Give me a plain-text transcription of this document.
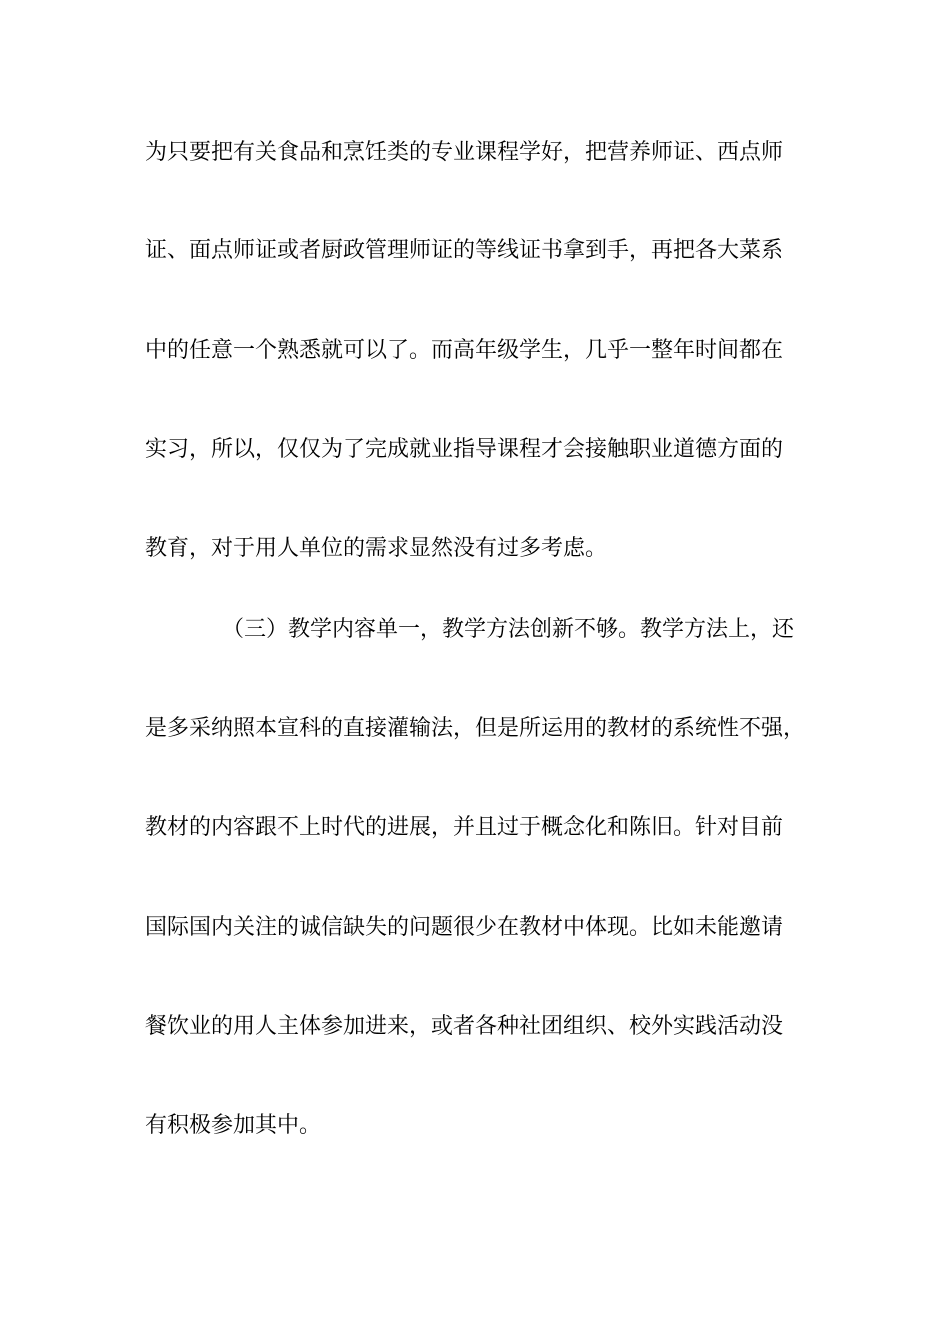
为只要把有关食品和烹饪类的专业课程学好，把营养师证、西点师
证、面点师证或者厨政管理师证的等线证书拿到手，再把各大菜系
中的任意一个熟悉就可以了。而高年级学生，几乎一整年时间都在
实习，所以，仅仅为了完成就业指导课程才会接触职业道德方面的
教育，对于用人单位的需求显然没有过多考虑。
（三）教学内容单一，教学方法创新不够。教学方法上，还
是多采纳照本宣科的直接灌输法，但是所运用的教材的系统性不强，
教材的内容跟不上时代的进展，并且过于概念化和陈旧。针对目前
国际国内关注的诚信缺失的问题很少在教材中体现。比如未能邀请
餐饮业的用人主体参加进来，或者各种社团组织、校外实践活动没
有积极参加其中。
